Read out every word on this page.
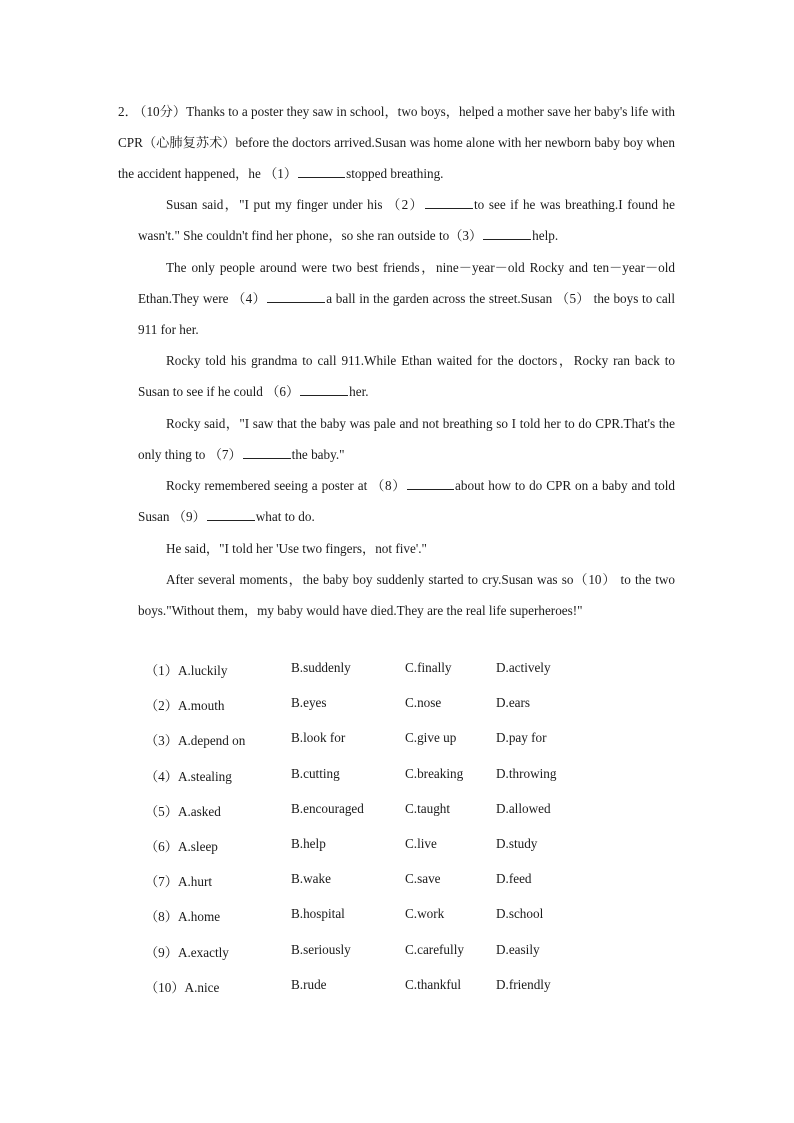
2． （10分）Thanks to a poster they saw in school，two boys，helped a mother save her baby's life with CPR（心肺复苏术）before the doctors arrived.Susan was home alone with her newborn baby boy when the accident happened，he （1）	stopped breathing.

Susan said，"I put my finger under his （2）	to see if he was breathing.I found he wasn't." She couldn't find her phone，so she ran outside to（3）	help.

The only people around were two best friends，nine－year－old Rocky and ten－year－old Ethan.They were （4）	a ball in the garden across the street.Susan （5） the boys to call 911 for her.

Rocky told his grandma to call 911.While Ethan waited for the doctors，Rocky ran back to Susan to see if he could （6）	her.

Rocky said，"I saw that the baby was pale and not breathing so I told her to do CPR.That's the only thing to （7）	the baby."

Rocky remembered seeing a poster at （8）	about how to do CPR on a baby and told Susan （9）	what to do.

He said，"I told her 'Use two fingers，not five'."

After several moments，the baby boy suddenly started to cry.Susan was so（10） to the two boys."Without them，my baby would have died.They are the real life superheroes!"

（1）A.luckily	B.suddenly	C.finally	D.actively
（2）A.mouth	B.eyes	C.nose	D.ears
（3）A.depend on	B.look for	C.give up	D.pay for
（4）A.stealing	B.cutting	C.breaking D.throwing
（5）A.asked	B.encouraged	C.taught	D.allowed
（6）A.sleep	B.help	C.live	D.study
（7）A.hurt	B.wake	C.save	D.feed
（8）A.home	B.hospital	C.work	D.school
（9）A.exactly	B.seriously	C.carefully D.easily
（10）A.nice	B.rude	C.thankful	D.friendly
